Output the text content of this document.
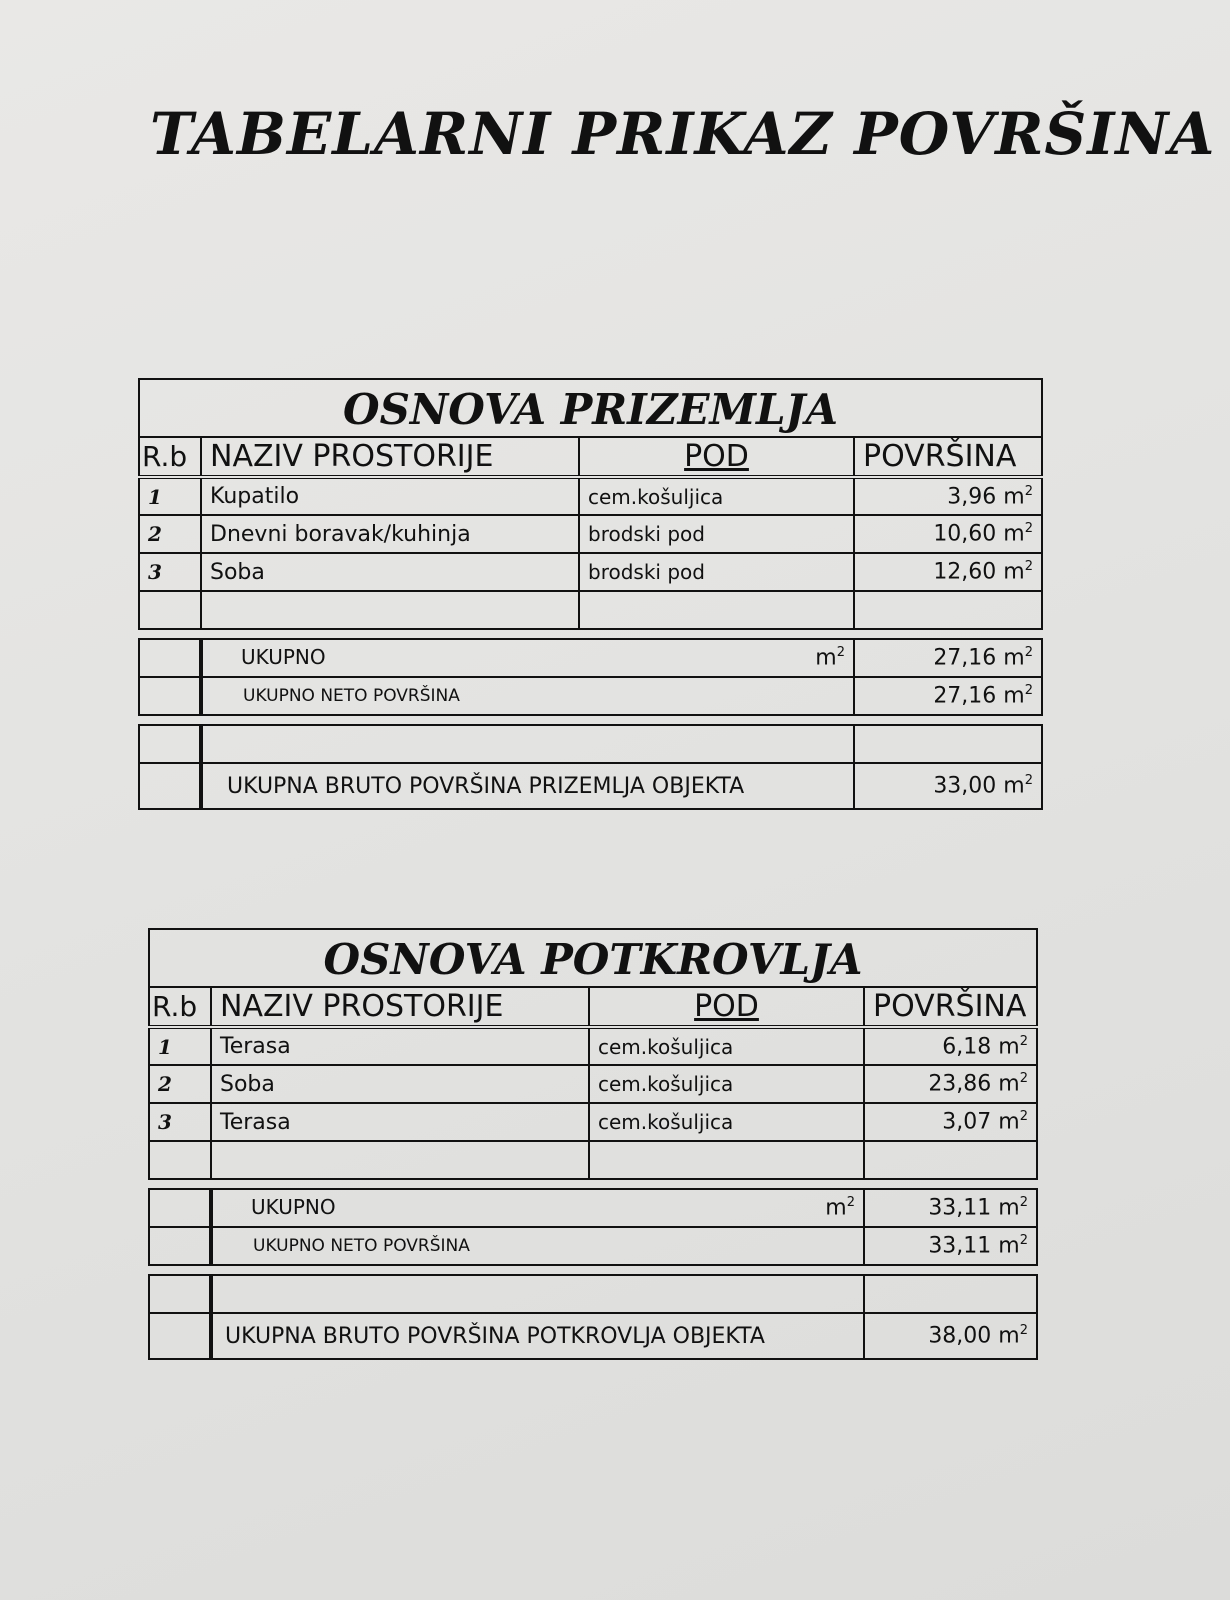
TABELARNI PRIKAZ POVRŠINA
OSNOVA PRIZEMLJA
R.b	NAZIV PROSTORIJE	POD	POVRŠINA
1	Kupatilo	cem.košuljica	3,96 $m^2$
2	Dnevni boravak/kuhinja	brodski pod	10,60 $m^2$
3	Soba	brodski pod	12,60 $m^2$

	UKUPNO $m^2$		27,16 $m^2$
	UKUPNO NETO POVRŠINA		27,16 $m^2$

	UKUPNA BRUTO POVRŠINA PRIZEMLJA OBJEKTA		33,00 $m^2$
OSNOVA POTKROVLJA
R.b	NAZIV PROSTORIJE	POD	POVRŠINA
1	Terasa	cem.košuljica	6,18 $m^2$
2	Soba	cem.košuljica	23,86 $m^2$
3	Terasa	cem.košuljica	3,07 $m^2$

	UKUPNO $m^2$		33,11 $m^2$
	UKUPNO NETO POVRŠINA		33,11 $m^2$

	UKUPNA BRUTO POVRŠINA POTKROVLJA OBJEKTA		38,00 $m^2$
